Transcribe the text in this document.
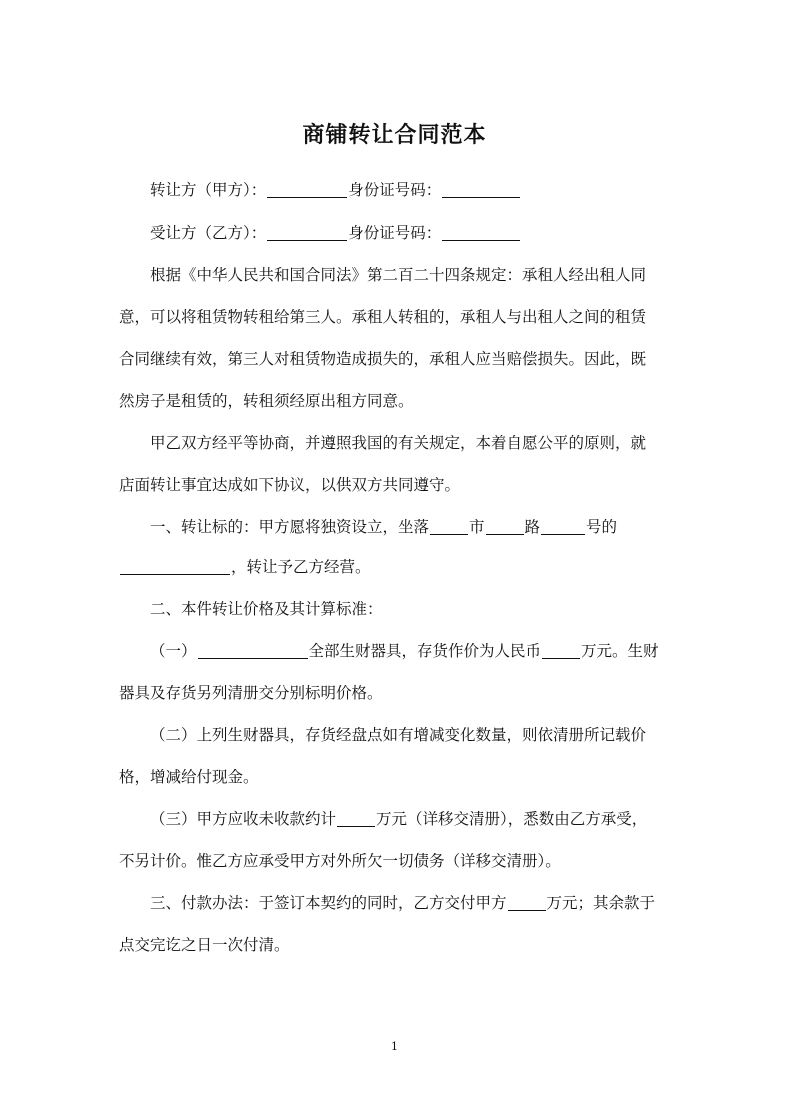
商铺转让合同范本
转让方（甲方）：	身份证号码：
受让方（乙方）：	身份证号码：
根据《中华人民共和国合同法》第二百二十四条规定：承租人经出租人同
意，可以将租赁物转租给第三人。承租人转租的，承租人与出租人之间的租赁
合同继续有效，第三人对租赁物造成损失的，承租人应当赔偿损失。因此，既
然房子是租赁的，转租须经原出租方同意。
甲乙双方经平等协商，并遵照我国的有关规定，本着自愿公平的原则，就
店面转让事宜达成如下协议，以供双方共同遵守。
一、转让标的：甲方愿将独资设立，坐落	市	路	号的
，转让予乙方经营。
二、本件转让价格及其计算标准：
（一）	全部生财器具，存货作价为人民币	万元。生财
器具及存货另列清册交分别标明价格。
（二）上列生财器具，存货经盘点如有增减变化数量，则依清册所记载价
格，增减给付现金。
（三）甲方应收未收款约计	万元（详移交清册），悉数由乙方承受，
不另计价。惟乙方应承受甲方对外所欠一切债务（详移交清册）。
三、付款办法：于签订本契约的同时，乙方交付甲方	万元；其余款于
点交完讫之日一次付清。
1
